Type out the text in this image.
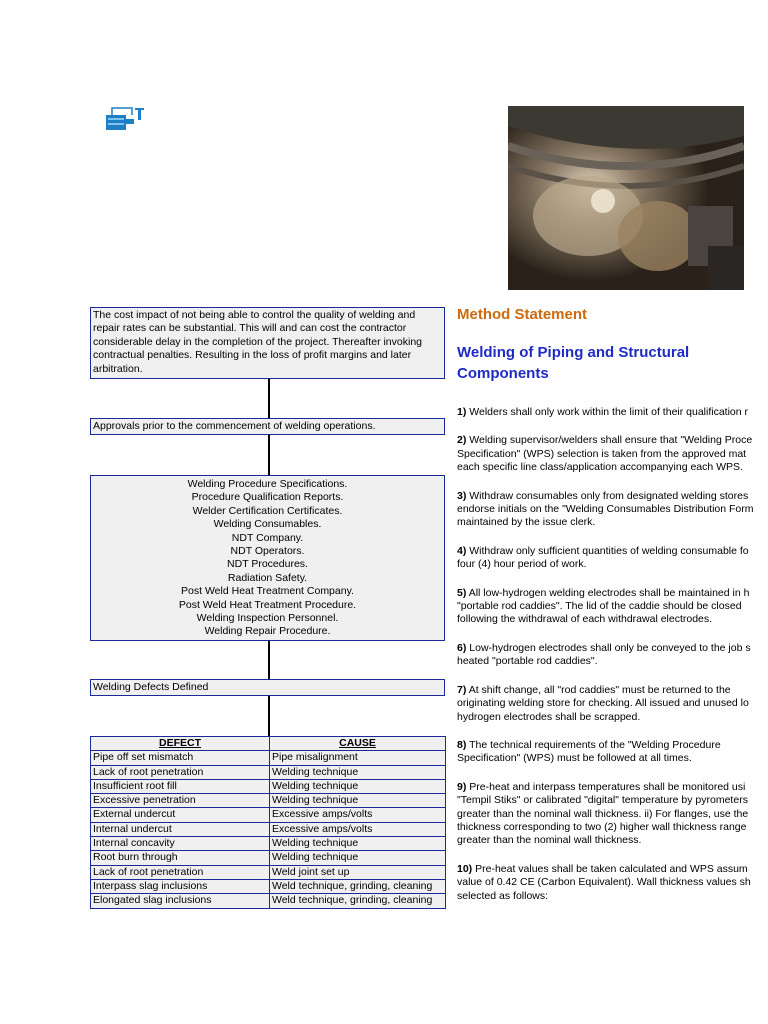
The cost impact of not being able to control the quality of welding and repair rates can be substantial. This will and can cost the contractor considerable delay in the completion of the project. Thereafter invoking contractual penalties. Resulting in the loss of profit margins and later arbitration.
Approvals prior to the commencement of welding operations.
Welding Procedure Specifications.
Procedure Qualification Reports.
Welder Certification Certificates.
Welding Consumables.
NDT Company.
NDT Operators.
NDT Procedures.
Radiation Safety.
Post Weld Heat Treatment Company.
Post Weld Heat Treatment Procedure.
Welding Inspection Personnel.
Welding Repair Procedure.
Welding Defects Defined
DEFECT	CAUSE
Pipe off set mismatch	Pipe misalignment
Lack of root penetration	Welding technique
Insufficient root fill	Welding technique
Excessive penetration	Welding technique
External undercut	Excessive amps/volts
Internal undercut	Excessive amps/volts
Internal concavity	Welding technique
Root burn through	Welding technique
Lack of root penetration	Weld joint set up
Interpass slag inclusions	Weld technique, grinding, cleaning
Elongated slag inclusions	Weld technique, grinding, cleaning
Method Statement
Welding of Piping and Structural Components

1) Welders shall only work within the limit of their qualification r

2) Welding supervisor/welders shall ensure that "Welding Proce
Specification" (WPS) selection is taken from the approved mat
each specific line class/application accompanying each WPS.

3) Withdraw consumables only from designated welding stores
endorse initials on the "Welding Consumables Distribution Form
maintained by the issue clerk.

4) Withdraw only sufficient quantities of welding consumable fo
four (4) hour period of work.

5) All low-hydrogen welding electrodes shall be maintained in h
"portable rod caddies". The lid of the caddie should be closed
following the withdrawal of each withdrawal electrodes.

6) Low-hydrogen electrodes shall only be conveyed to the job s
heated "portable rod caddies".

7) At shift change, all "rod caddies" must be returned to the
originating welding store for checking. All issued and unused lo
hydrogen electrodes shall be scrapped.

8) The technical requirements of the "Welding Procedure
Specification" (WPS) must be followed at all times.

9) Pre-heat and interpass temperatures shall be monitored usi
"Tempil Stiks" or calibrated "digital" temperature by pyrometers
greater than the nominal wall thickness. ii) For flanges, use the
thickness corresponding to two (2) higher wall thickness range
greater than the nominal wall thickness.

10) Pre-heat values shall be taken calculated and WPS assum
value of 0.42 CE (Carbon Equivalent). Wall thickness values sh
selected as follows:
